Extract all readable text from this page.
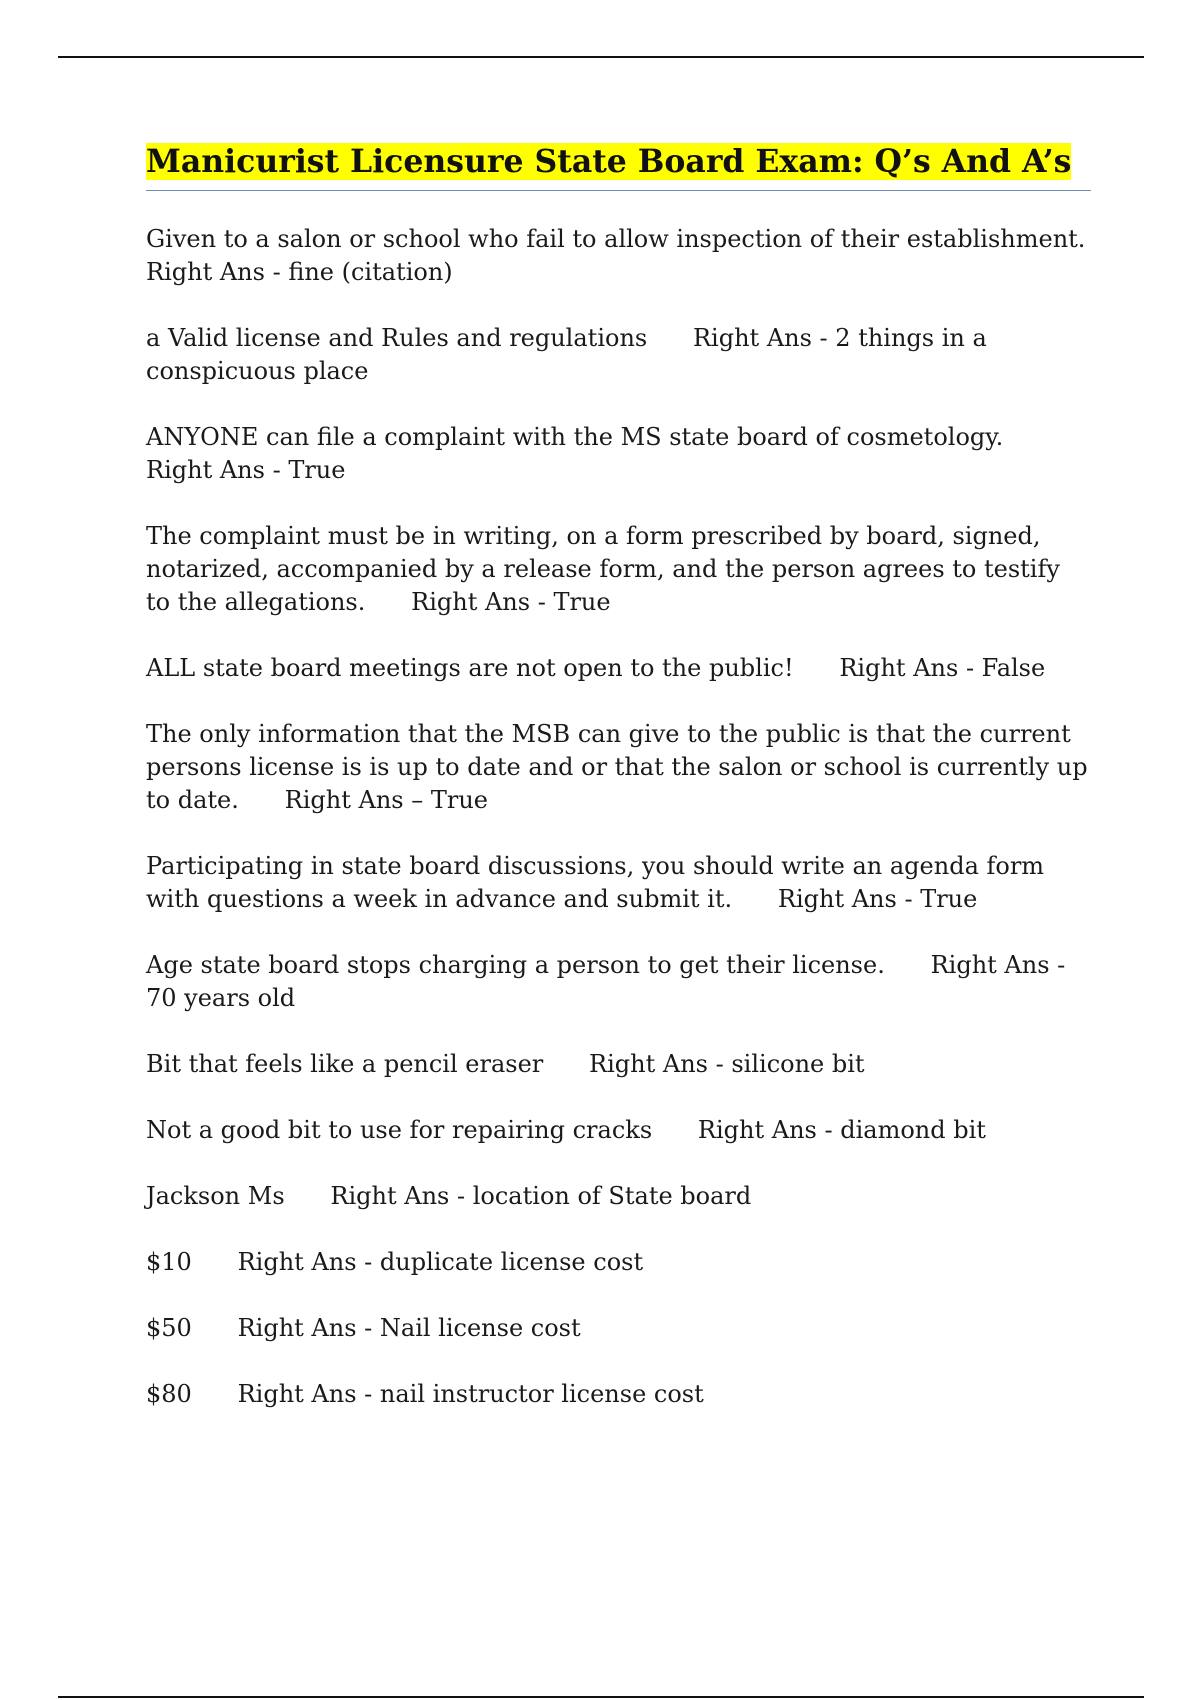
Manicurist Licensure State Board Exam: Q’s And A’s

Given to a salon or school who fail to allow inspection of their establishment. Right Ans - fine (citation)

a Valid license and Rules and regulations      Right Ans - 2 things in a conspicuous place

ANYONE can file a complaint with the MS state board of cosmetology.      Right Ans - True

The complaint must be in writing, on a form prescribed by board, signed, notarized, accompanied by a release form, and the person agrees to testify to the allegations.      Right Ans - True

ALL state board meetings are not open to the public!      Right Ans - False

The only information that the MSB can give to the public is that the current persons license is is up to date and or that the salon or school is currently up to date.      Right Ans – True

Participating in state board discussions, you should write an agenda form with questions a week in advance and submit it.      Right Ans - True

Age state board stops charging a person to get their license.      Right Ans - 70 years old

Bit that feels like a pencil eraser      Right Ans - silicone bit

Not a good bit to use for repairing cracks      Right Ans - diamond bit

Jackson Ms      Right Ans - location of State board

$10      Right Ans - duplicate license cost

$50      Right Ans - Nail license cost

$80      Right Ans - nail instructor license cost
